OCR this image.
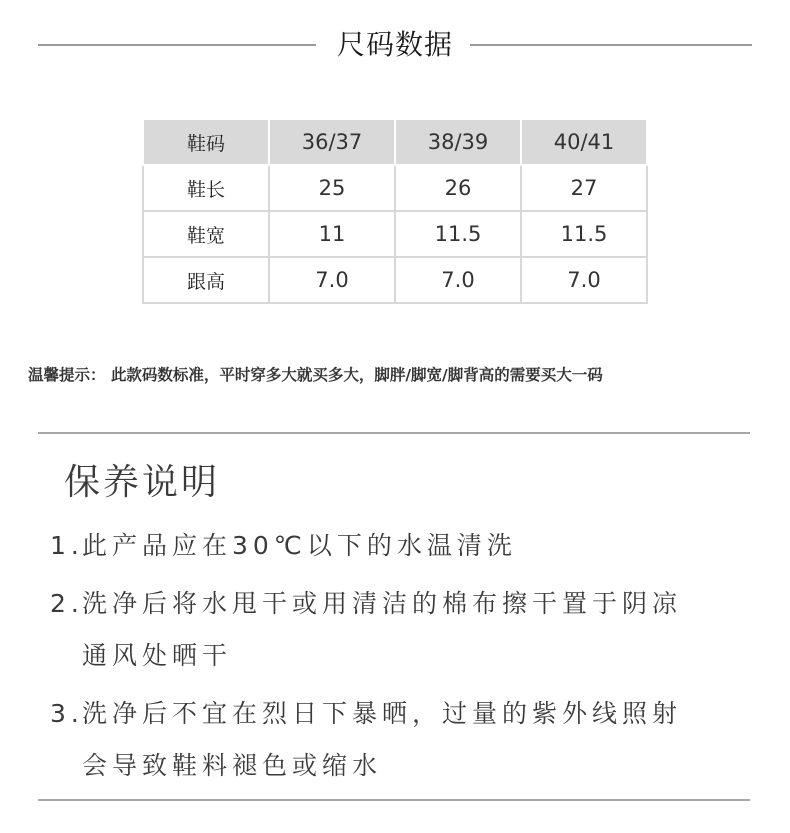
尺码数据
鞋码	36/37	38/39	40/41
鞋长	25	26	27
鞋宽	11	11.5	11.5
跟高	7.0	7.0	7.0
温馨提示： 此款码数标准，平时穿多大就买多大，脚胖/脚宽/脚背高的需要买大一码
保养说明
1.此产品应在30℃以下的水温清洗
2.洗净后将水甩干或用清洁的棉布擦干置于阴凉
通风处晒干
3.洗净后不宜在烈日下暴晒，过量的紫外线照射
会导致鞋料褪色或缩水
